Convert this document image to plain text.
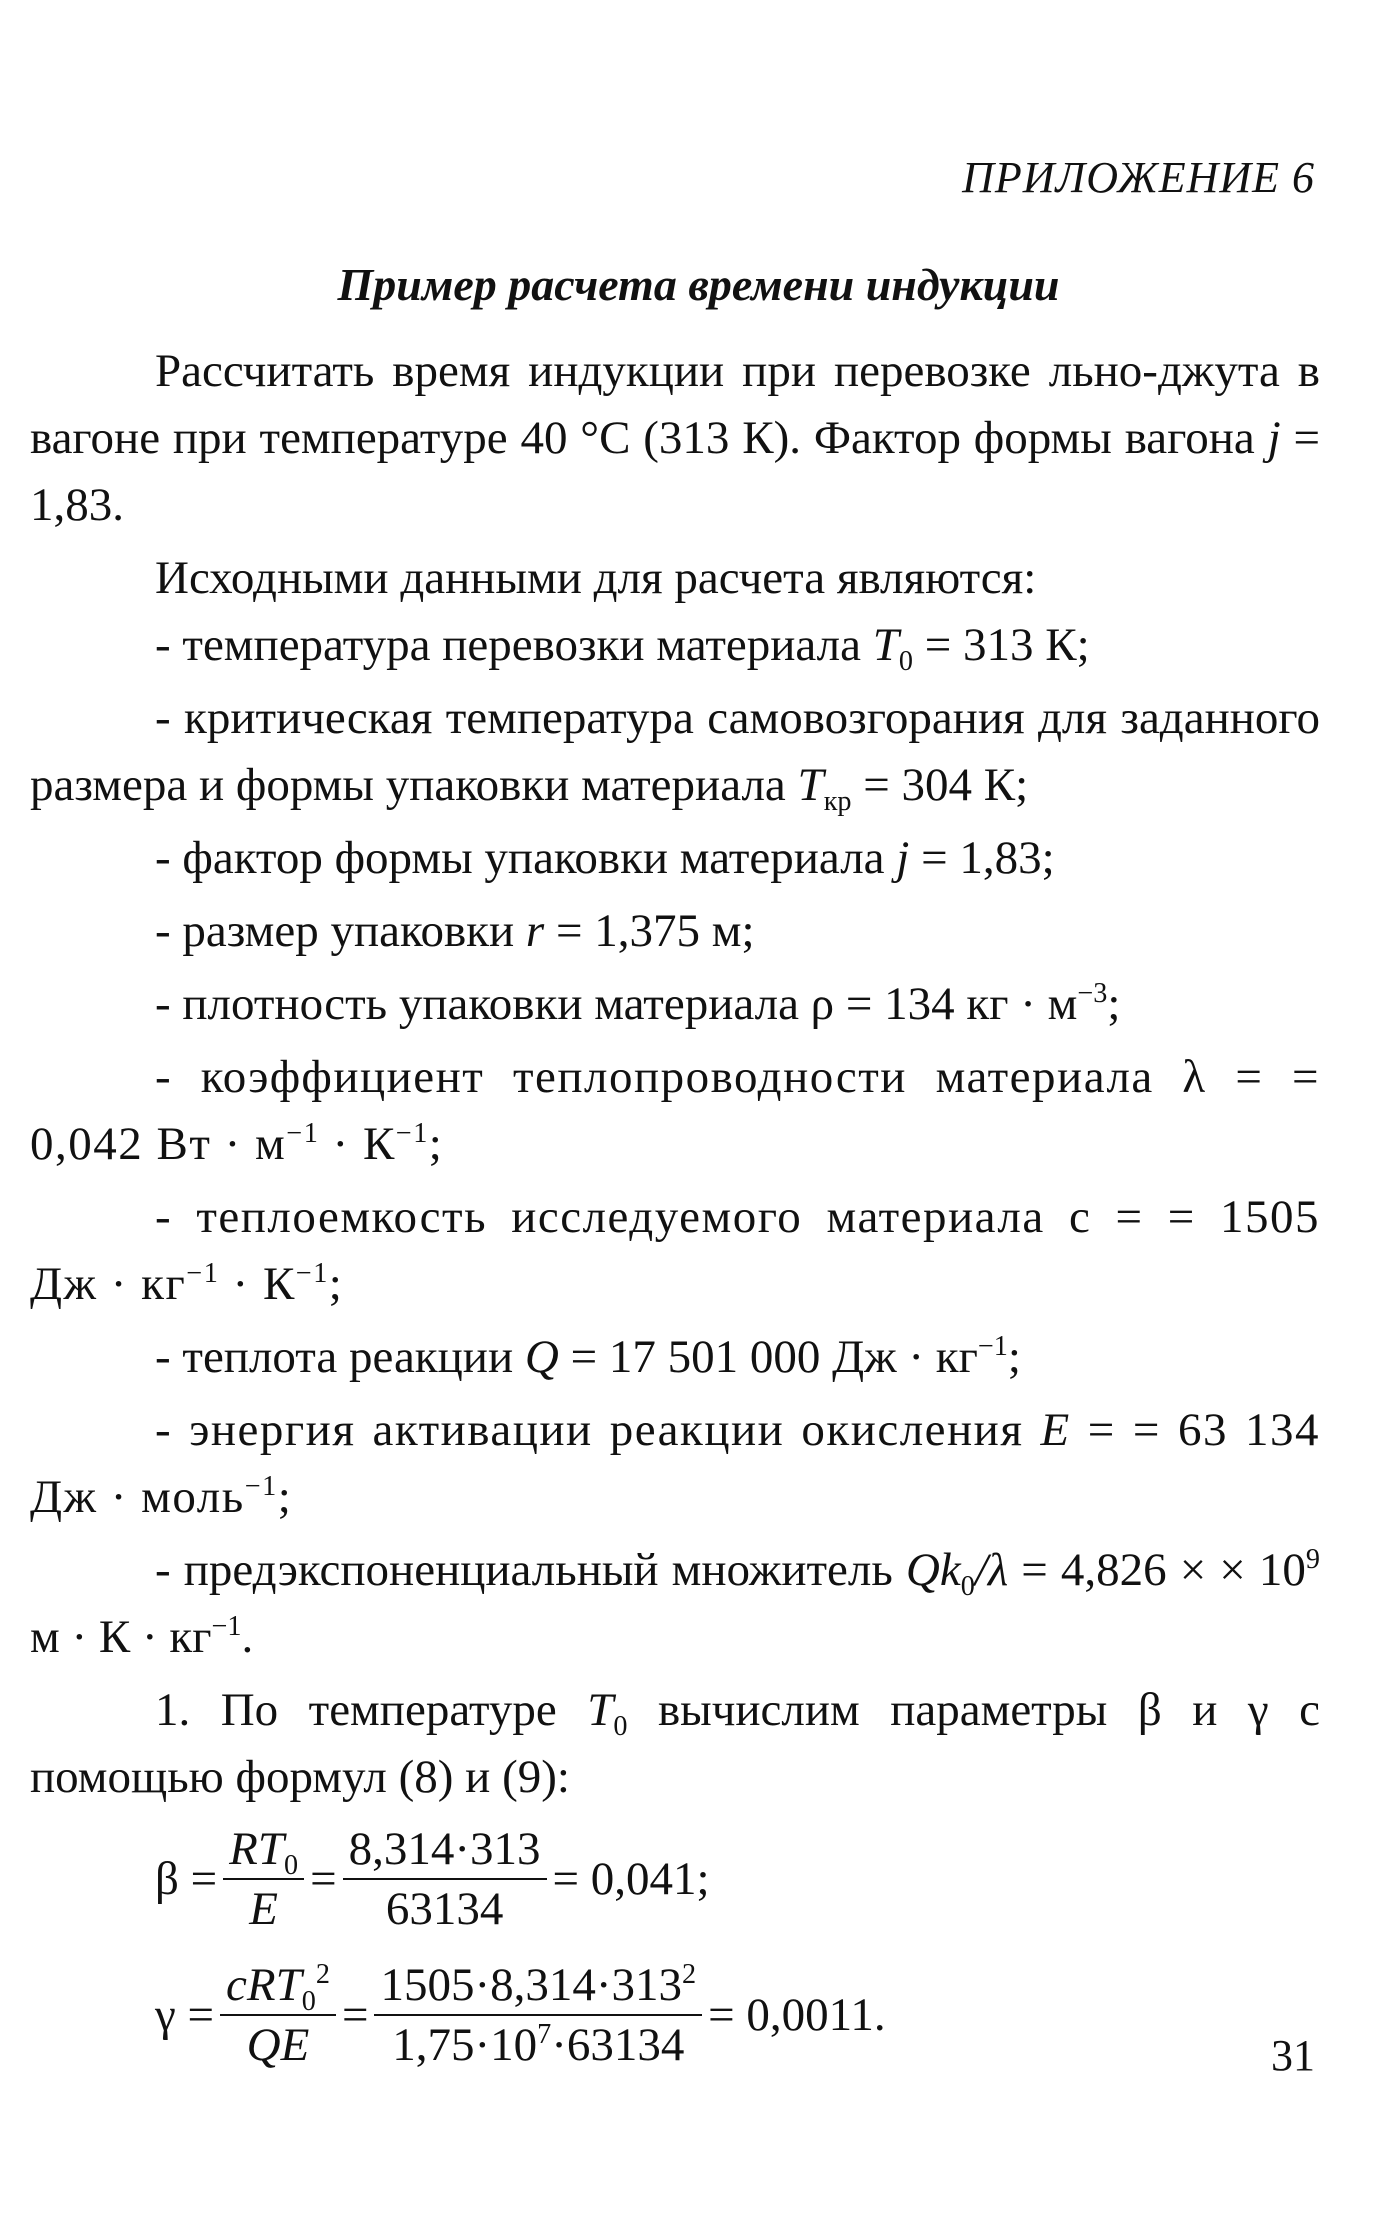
ПРИЛОЖЕНИЕ 6
Пример расчета времени индукции

Рассчитать время индукции при перевозке льно-джута в вагоне при температуре 40 °С (313 К). Фактор формы вагона j = 1,83.

Исходными данными для расчета являются:

- температура перевозки материала $T_0 = 313$ К;

- критическая температура самовозгорания для заданного размера и формы упаковки материала $T_{кр} = 304$ К;

- фактор формы упаковки материала j = 1,83;

- размер упаковки r = 1,375 м;

- плотность упаковки материала ρ = 134 кг · $м^{-3}$;

- коэффициент теплопроводности материала λ = = 0,042 Вт · $м^{-1} \cdot К^{-1}$;

- теплоемкость исследуемого материала с = = 1505 Дж · $кг^{-1} \cdot К^{-1}$;

- теплота реакции Q = 17 501 000 Дж · $кг^{-1}$;

- энергия активации реакции окисления E = = 63 134 Дж · моль$^{-1}$;

- предэкспоненциальный множитель $Qk_0/\lambda = 4,826$ × × $10^9$ $м \cdot К \cdot кг^{-1}$.

1. По температуре $T_0$ вычислим параметры β и γ с помощью формул (8) и (9):

$\beta = \frac{RT_0}{E} = \frac{8,314\cdot 313}{63134} = 0,041$;
$\gamma = \frac{cRT_0^2}{QE} = \frac{1505\cdot 8,314\cdot 313^2}{1,75\cdot 10^7\cdot 63134} = 0,0011$.
31
